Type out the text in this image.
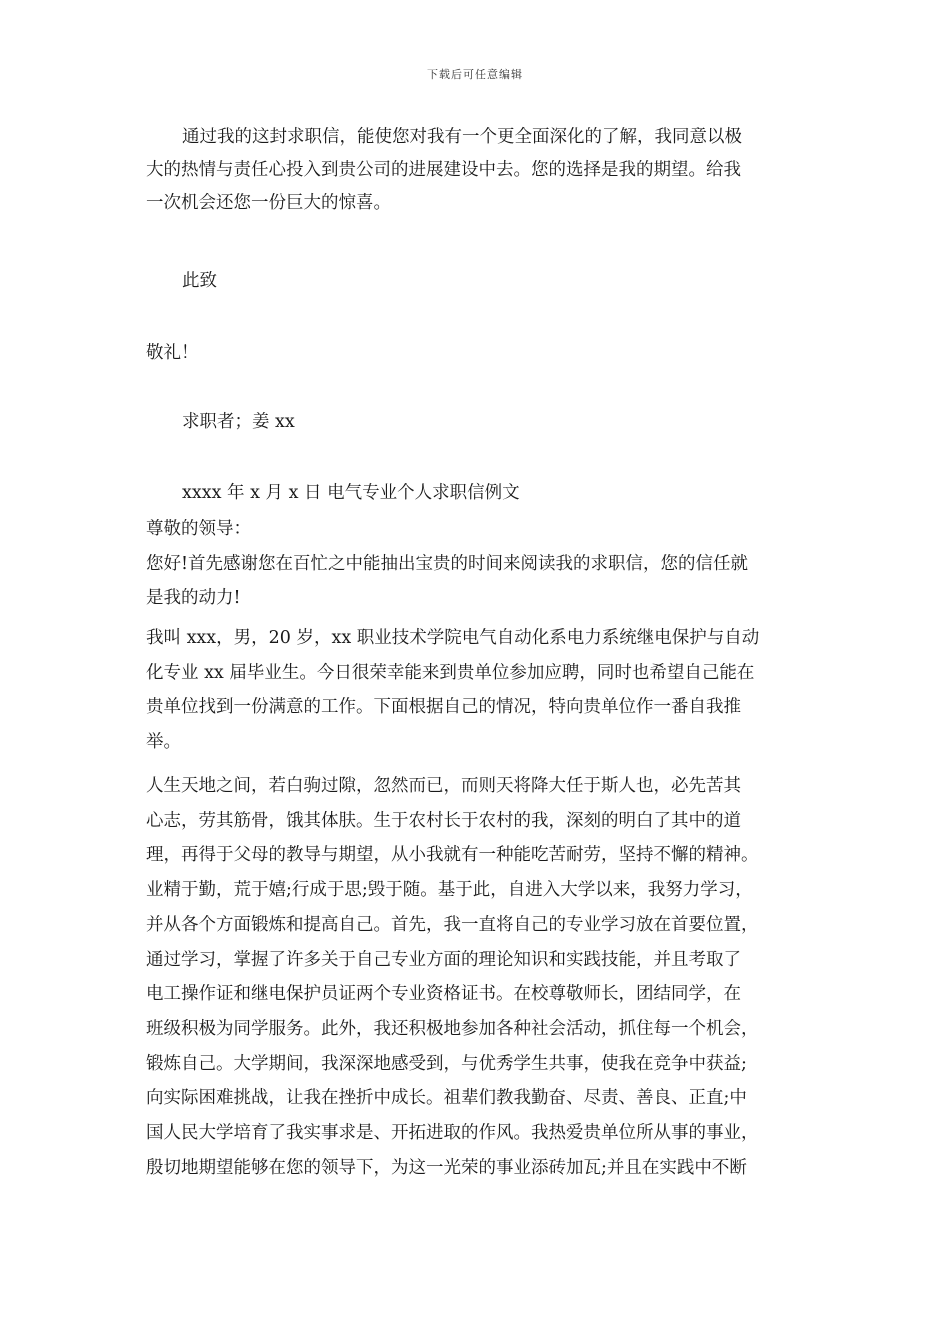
下载后可任意编辑
通过我的这封求职信，能使您对我有一个更全面深化的了解，我同意以极
大的热情与责任心投入到贵公司的进展建设中去。您的选择是我的期望。给我
一次机会还您一份巨大的惊喜。
此致
敬礼！
求职者；姜 xx
xxxx 年 x 月 x 日 电气专业个人求职信例文
尊敬的领导：
您好!首先感谢您在百忙之中能抽出宝贵的时间来阅读我的求职信，您的信任就
是我的动力!
我叫 xxx，男，20 岁，xx 职业技术学院电气自动化系电力系统继电保护与自动
化专业 xx 届毕业生。今日很荣幸能来到贵单位参加应聘，同时也希望自己能在
贵单位找到一份满意的工作。下面根据自己的情况，特向贵单位作一番自我推
举。
人生天地之间，若白驹过隙，忽然而已，而则天将降大任于斯人也，必先苦其
心志，劳其筋骨，饿其体肤。生于农村长于农村的我，深刻的明白了其中的道
理，再得于父母的教导与期望，从小我就有一种能吃苦耐劳，坚持不懈的精神。
业精于勤，荒于嬉;行成于思;毁于随。基于此，自进入大学以来，我努力学习，
并从各个方面锻炼和提高自己。首先，我一直将自己的专业学习放在首要位置，
通过学习，掌握了许多关于自己专业方面的理论知识和实践技能，并且考取了
电工操作证和继电保护员证两个专业资格证书。在校尊敬师长，团结同学，在
班级积极为同学服务。此外，我还积极地参加各种社会活动，抓住每一个机会，
锻炼自己。大学期间，我深深地感受到，与优秀学生共事，使我在竞争中获益;
向实际困难挑战，让我在挫折中成长。祖辈们教我勤奋、尽责、善良、正直;中
国人民大学培育了我实事求是、开拓进取的作风。我热爱贵单位所从事的事业，
殷切地期望能够在您的领导下，为这一光荣的事业添砖加瓦;并且在实践中不断
